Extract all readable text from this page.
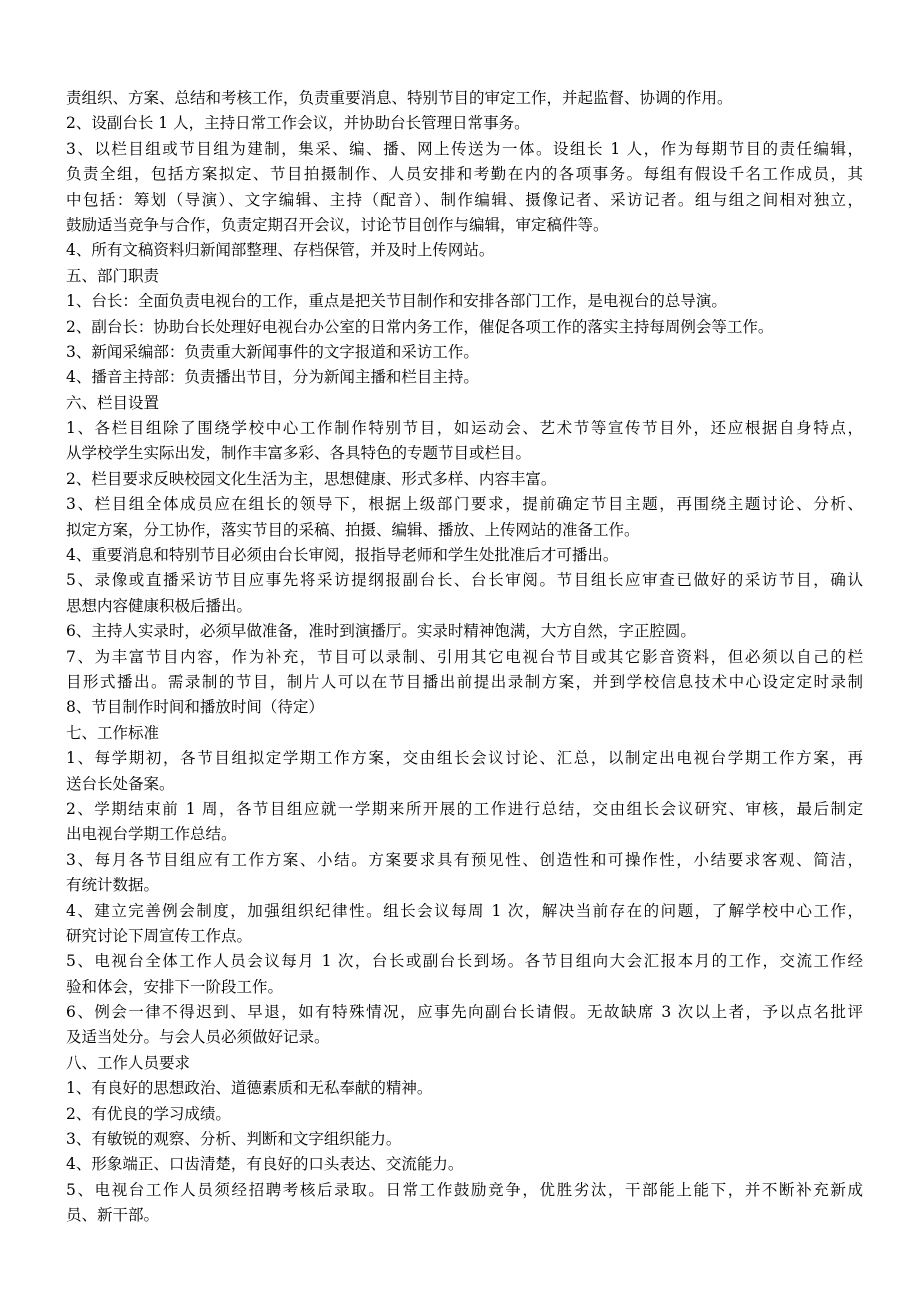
责组织、方案、总结和考核工作，负责重要消息、特别节目的审定工作，并起监督、协调的作用。
2、设副台长 1 人，主持日常工作会议，并协助台长管理日常事务。
3、以栏目组或节目组为建制，集采、编、播、网上传送为一体。设组长 1 人，作为每期节目的责任编辑，
负责全组，包括方案拟定、节目拍摄制作、人员安排和考勤在内的各项事务。每组有假设千名工作成员，其
中包括：筹划（导演）、文字编辑、主持（配音）、制作编辑、摄像记者、采访记者。组与组之间相对独立，
鼓励适当竞争与合作，负责定期召开会议，讨论节目创作与编辑，审定稿件等。
4、所有文稿资料归新闻部整理、存档保管，并及时上传网站。
五、部门职责
1、台长：全面负责电视台的工作，重点是把关节目制作和安排各部门工作，是电视台的总导演。
2、副台长：协助台长处理好电视台办公室的日常内务工作，催促各项工作的落实主持每周例会等工作。
3、新闻采编部：负责重大新闻事件的文字报道和采访工作。
4、播音主持部：负责播出节目，分为新闻主播和栏目主持。
六、栏目设置
1、各栏目组除了围绕学校中心工作制作特别节目，如运动会、艺术节等宣传节目外，还应根据自身特点，
从学校学生实际出发，制作丰富多彩、各具特色的专题节目或栏目。
2、栏目要求反映校园文化生活为主，思想健康、形式多样、内容丰富。
3、栏目组全体成员应在组长的领导下，根据上级部门要求，提前确定节目主题，再围绕主题讨论、分析、
拟定方案，分工协作，落实节目的采稿、拍摄、编辑、播放、上传网站的准备工作。
4、重要消息和特别节目必须由台长审阅，报指导老师和学生处批准后才可播出。
5、录像或直播采访节目应事先将采访提纲报副台长、台长审阅。节目组长应审查已做好的采访节目，确认
思想内容健康积极后播出。
6、主持人实录时，必须早做准备，准时到演播厅。实录时精神饱满，大方自然，字正腔圆。
7、为丰富节目内容，作为补充，节目可以录制、引用其它电视台节目或其它影音资料，但必须以自己的栏
目形式播出。需录制的节目，制片人可以在节目播出前提出录制方案，并到学校信息技术中心设定定时录制
8、节目制作时间和播放时间（待定）
七、工作标准
1、每学期初，各节目组拟定学期工作方案，交由组长会议讨论、汇总，以制定出电视台学期工作方案，再
送台长处备案。
2、学期结束前 1 周，各节目组应就一学期来所开展的工作进行总结，交由组长会议研究、审核，最后制定
出电视台学期工作总结。
3、每月各节目组应有工作方案、小结。方案要求具有预见性、创造性和可操作性，小结要求客观、简洁，
有统计数据。
4、建立完善例会制度，加强组织纪律性。组长会议每周 1 次，解决当前存在的问题，了解学校中心工作，
研究讨论下周宣传工作点。
5、电视台全体工作人员会议每月 1 次，台长或副台长到场。各节目组向大会汇报本月的工作，交流工作经
验和体会，安排下一阶段工作。
6、例会一律不得迟到、早退，如有特殊情况，应事先向副台长请假。无故缺席 3 次以上者，予以点名批评
及适当处分。与会人员必须做好记录。
八、工作人员要求
1、有良好的思想政治、道德素质和无私奉献的精神。
2、有优良的学习成绩。
3、有敏锐的观察、分析、判断和文字组织能力。
4、形象端正、口齿清楚，有良好的口头表达、交流能力。
5、电视台工作人员须经招聘考核后录取。日常工作鼓励竞争，优胜劣汰，干部能上能下，并不断补充新成
员、新干部。
